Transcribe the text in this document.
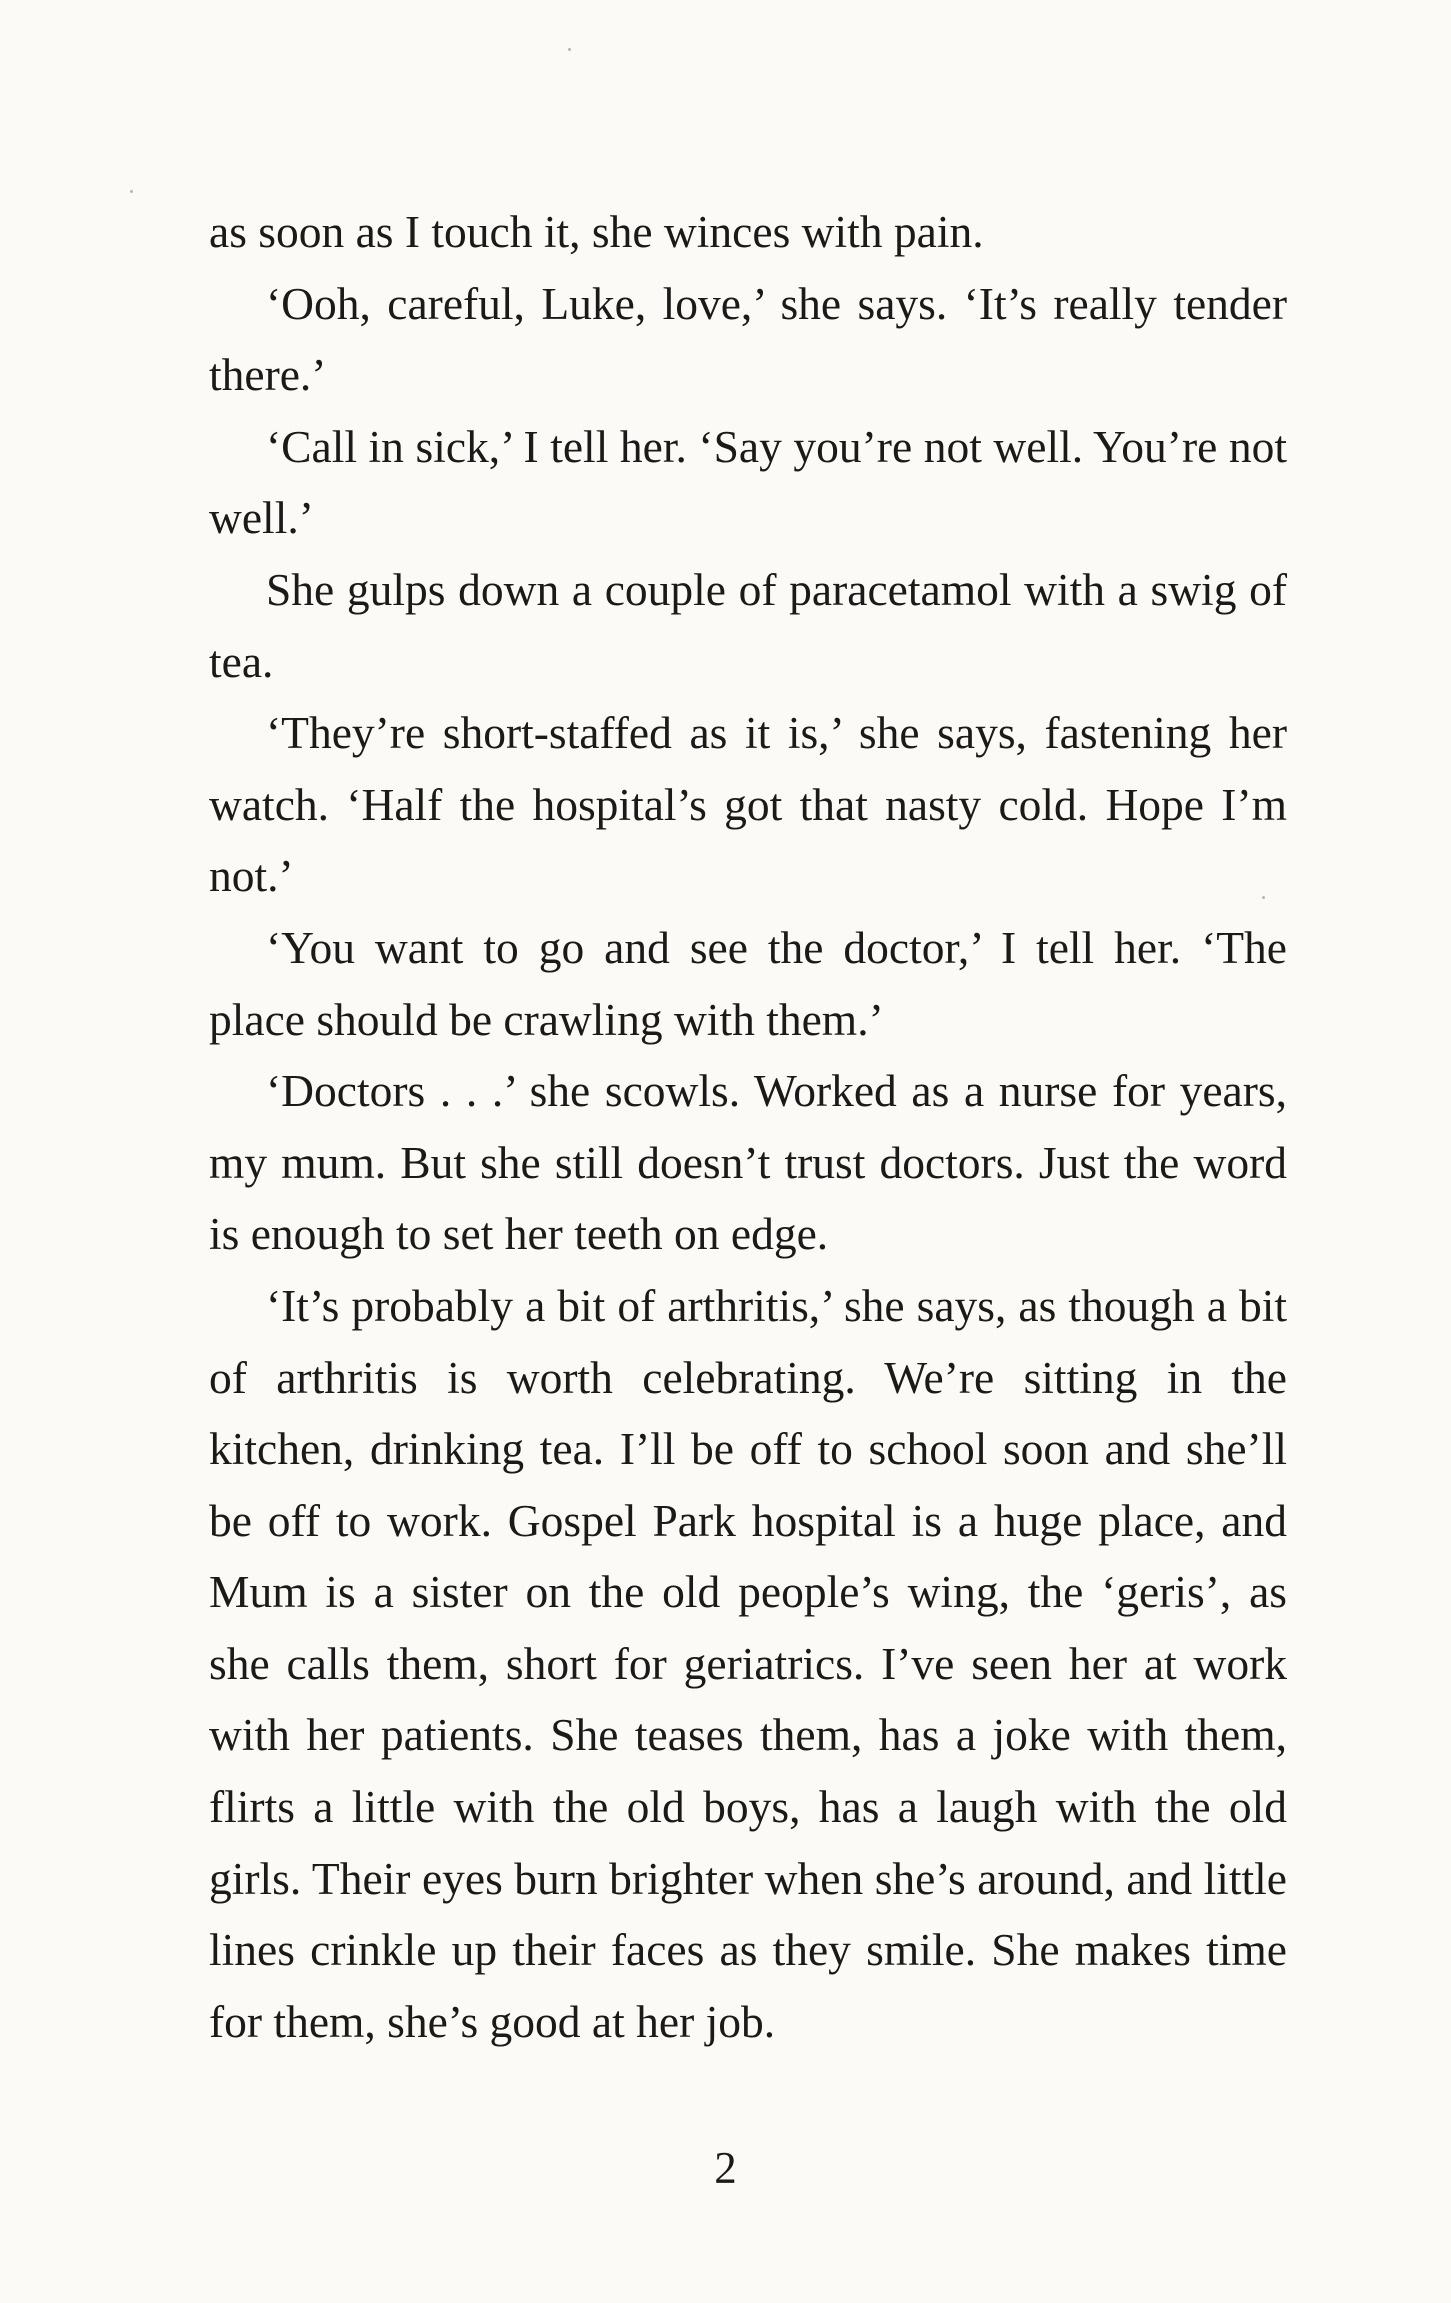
as soon as I touch it, she winces with pain.

‘Ooh, careful, Luke, love,’ she says. ‘It’s really tender there.’

‘Call in sick,’ I tell her. ‘Say you’re not well. You’re not well.’

She gulps down a couple of paracetamol with a swig of tea.

‘They’re short-staffed as it is,’ she says, fastening her watch. ‘Half the hospital’s got that nasty cold. Hope I’m not.’

‘You want to go and see the doctor,’ I tell her. ‘The place should be crawling with them.’

‘Doctors . . .’ she scowls. Worked as a nurse for years, my mum. But she still doesn’t trust doctors. Just the word is enough to set her teeth on edge.

‘It’s probably a bit of arthritis,’ she says, as though a bit of arthritis is worth celebrating. We’re sitting in the kitchen, drinking tea. I’ll be off to school soon and she’ll be off to work. Gospel Park hospital is a huge place, and Mum is a sister on the old people’s wing, the ‘geris’, as she calls them, short for geriatrics. I’ve seen her at work with her patients. She teases them, has a joke with them, flirts a little with the old boys, has a laugh with the old girls. Their eyes burn brighter when she’s around, and little lines crinkle up their faces as they smile. She makes time for them, she’s good at her job.

2
